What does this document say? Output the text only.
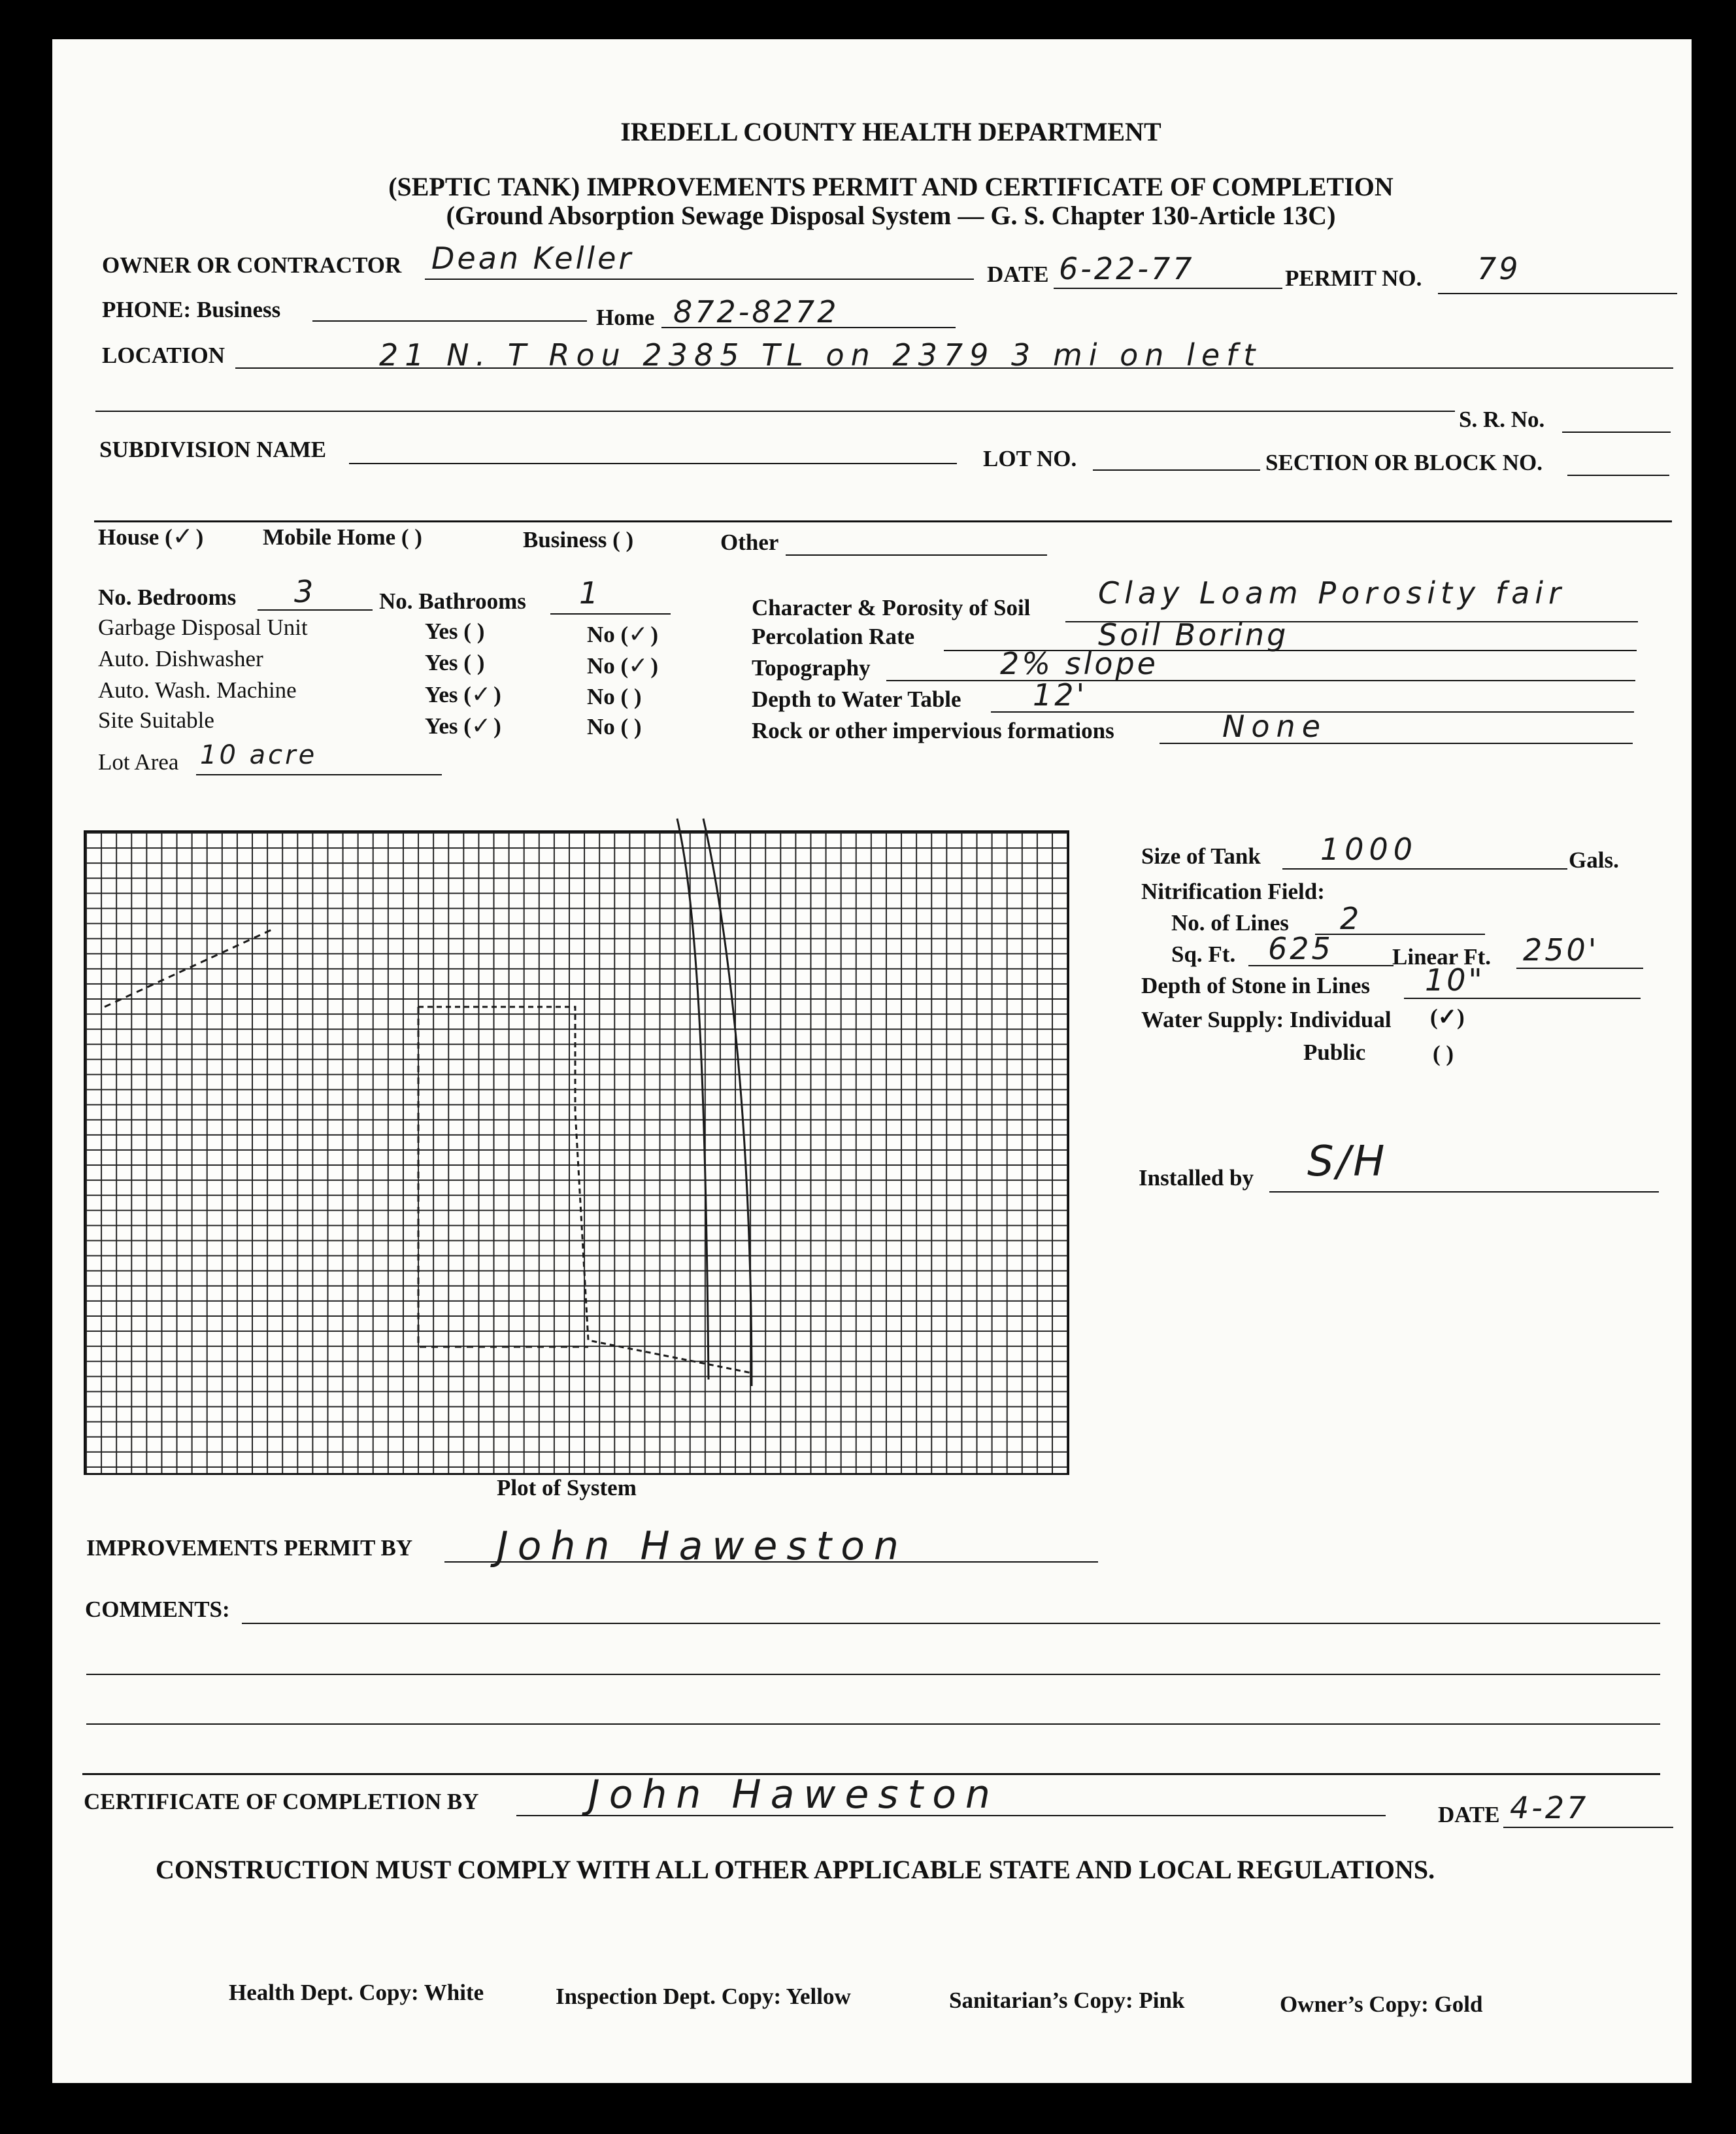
IREDELL COUNTY HEALTH DEPARTMENT
(SEPTIC TANK) IMPROVEMENTS PERMIT AND CERTIFICATE OF COMPLETION
(Ground Absorption Sewage Disposal System — G. S. Chapter 130-Article 13C)
OWNER OR CONTRACTOR Dean Keller	DATE 6-22-77	PERMIT NO. 79
PHONE: Business	Home 872-8272
LOCATION	21 N. T Rou 2385 TL on 2379 3 mi on left
S. R. No.
SUBDIVISION NAME	LOT NO.	SECTION OR BLOCK NO.
House (✓)	Mobile Home ( )	Business ( )	Other
No. Bedrooms 3	No. Bathrooms 1
Garbage Disposal Unit	Yes ( )	No (✓)
Auto. Dishwasher	Yes ( )	No (✓)
Auto. Wash. Machine	Yes (✓)	No ( )
Site Suitable	Yes (✓)	No ( )
Lot Area 10 acre
Character & Porosity of Soil Clay Loam Porosity fair
Percolation Rate	Soil Boring
Topography	2% slope
Depth to Water Table 12'
Rock or other impervious formations	None
Plot of System
Size of Tank 1000	Gals.
Nitrification Field:
No. of Lines 2
Sq. Ft. 625	Linear Ft. 250'
Depth of Stone in Lines 10"
Water Supply: Individual (✓)
Public	( )
Installed by S/H
IMPROVEMENTS PERMIT BY John Haweston
COMMENTS:
CERTIFICATE OF COMPLETION BY	John Haweston	DATE 4-27
CONSTRUCTION MUST COMPLY WITH ALL OTHER APPLICABLE STATE AND LOCAL REGULATIONS.
Health Dept. Copy: White	Inspection Dept. Copy: Yellow	Sanitarian’s Copy: Pink	Owner’s Copy: Gold
